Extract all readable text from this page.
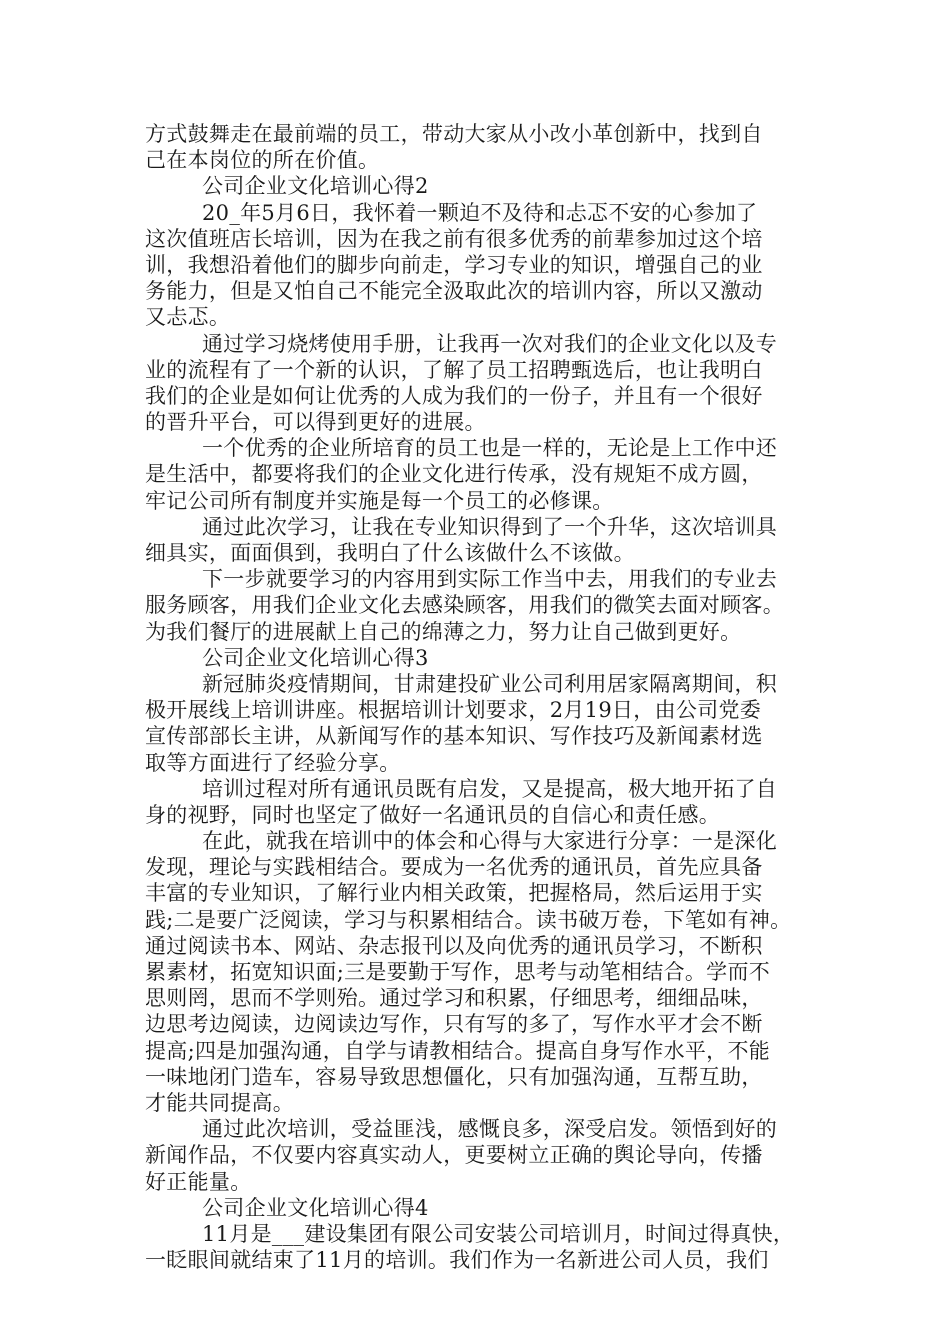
方式鼓舞走在最前端的员工，带动大家从小改小革创新中，找到自
己在本岗位的所在价值。
公司企业文化培训心得2
20_年5月6日，我怀着一颗迫不及待和忐忑不安的心参加了
这次值班店长培训，因为在我之前有很多优秀的前辈参加过这个培
训，我想沿着他们的脚步向前走，学习专业的知识，增强自己的业
务能力，但是又怕自己不能完全汲取此次的培训内容，所以又激动
又忐忑。
通过学习烧烤使用手册，让我再一次对我们的企业文化以及专
业的流程有了一个新的认识，了解了员工招聘甄选后，也让我明白
我们的企业是如何让优秀的人成为我们的一份子，并且有一个很好
的晋升平台，可以得到更好的进展。
一个优秀的企业所培育的员工也是一样的，无论是上工作中还
是生活中，都要将我们的企业文化进行传承，没有规矩不成方圆，
牢记公司所有制度并实施是每一个员工的必修课。
通过此次学习，让我在专业知识得到了一个升华，这次培训具
细具实，面面俱到，我明白了什么该做什么不该做。
下一步就要学习的内容用到实际工作当中去，用我们的专业去
服务顾客，用我们企业文化去感染顾客，用我们的微笑去面对顾客。
为我们餐厅的进展献上自己的绵薄之力，努力让自己做到更好。
公司企业文化培训心得3
新冠肺炎疫情期间，甘肃建投矿业公司利用居家隔离期间，积
极开展线上培训讲座。根据培训计划要求，2月19日，由公司党委
宣传部部长主讲，从新闻写作的基本知识、写作技巧及新闻素材选
取等方面进行了经验分享。
培训过程对所有通讯员既有启发，又是提高，极大地开拓了自
身的视野，同时也坚定了做好一名通讯员的自信心和责任感。
在此，就我在培训中的体会和心得与大家进行分享：一是深化
发现，理论与实践相结合。要成为一名优秀的通讯员，首先应具备
丰富的专业知识，了解行业内相关政策，把握格局，然后运用于实
践;二是要广泛阅读，学习与积累相结合。读书破万卷，下笔如有神。
通过阅读书本、网站、杂志报刊以及向优秀的通讯员学习，不断积
累素材，拓宽知识面;三是要勤于写作，思考与动笔相结合。学而不
思则罔，思而不学则殆。通过学习和积累，仔细思考，细细品味，
边思考边阅读，边阅读边写作，只有写的多了，写作水平才会不断
提高;四是加强沟通，自学与请教相结合。提高自身写作水平，不能
一味地闭门造车，容易导致思想僵化，只有加强沟通，互帮互助，
才能共同提高。
通过此次培训，受益匪浅，感慨良多，深受启发。领悟到好的
新闻作品，不仅要内容真实动人，更要树立正确的舆论导向，传播
好正能量。
公司企业文化培训心得4
11月是___建设集团有限公司安装公司培训月，时间过得真快，
一眨眼间就结束了11月的培训。我们作为一名新进公司人员，我们
